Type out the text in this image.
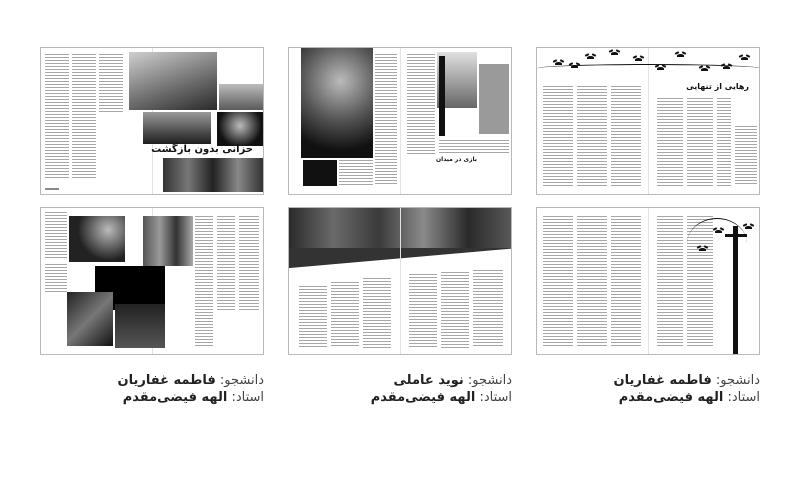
حزانی بدون بازگشت
بازی در میدان
رهایی از تنهایی
دانشجو: فاطمه غفاریان
استاد: الهه فیضی‌مقدم
دانشجو: نوید عاملی
استاد: الهه فیضی‌مقدم
دانشجو: فاطمه غفاریان
استاد: الهه فیضی‌مقدم
